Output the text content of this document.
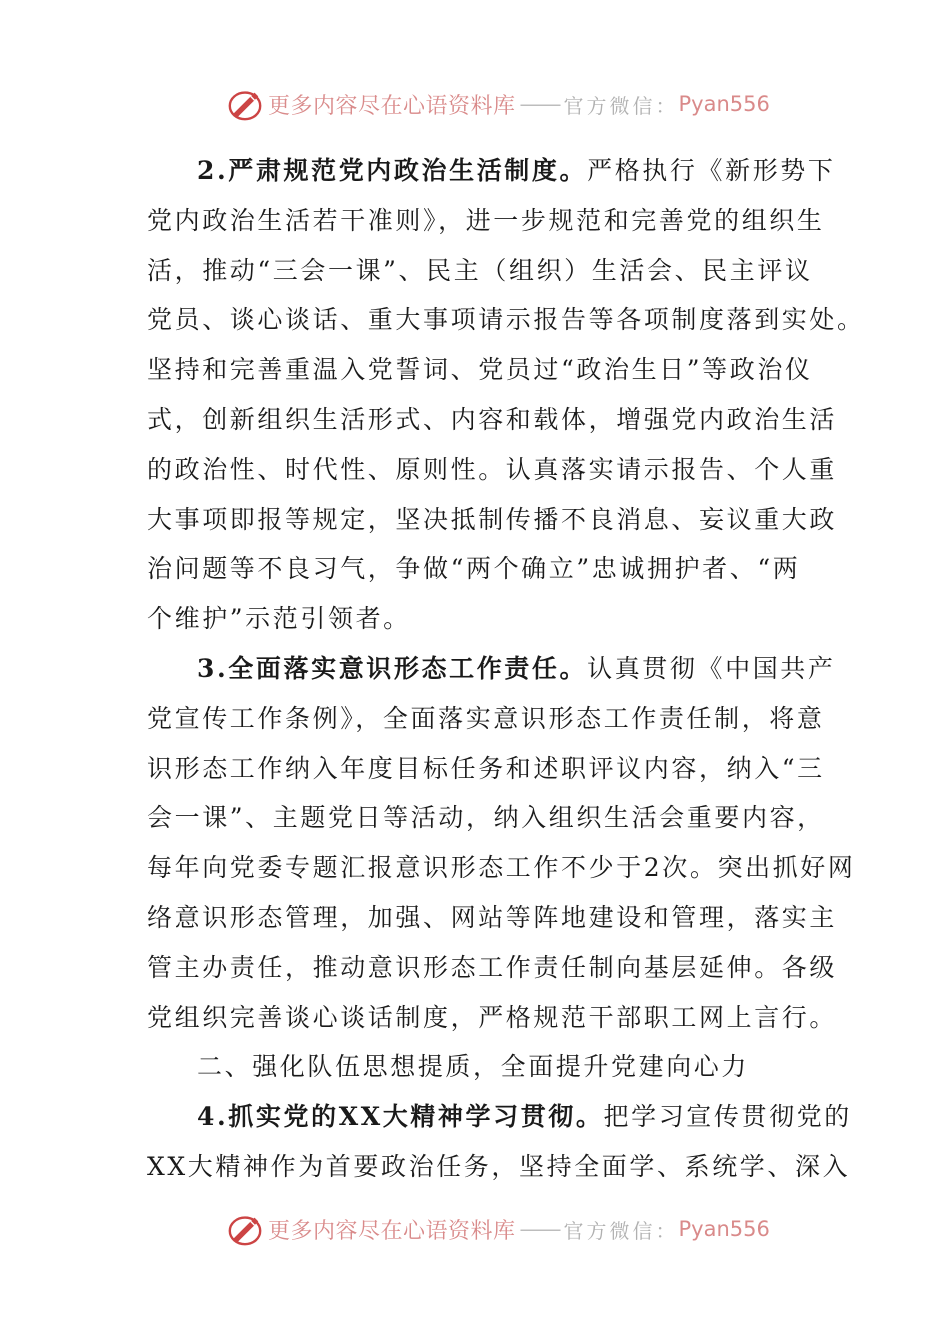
更多内容尽在心语资料库 —— 官方微信： Pyan556
2.严肃规范党内政治生活制度。严格执行《新形势下
党内政治生活若干准则》，进一步规范和完善党的组织生
活，推动“三会一课”、民主（组织）生活会、民主评议
党员、谈心谈话、重大事项请示报告等各项制度落到实处。
坚持和完善重温入党誓词、党员过“政治生日”等政治仪
式，创新组织生活形式、内容和载体，增强党内政治生活
的政治性、时代性、原则性。认真落实请示报告、个人重
大事项即报等规定，坚决抵制传播不良消息、妄议重大政
治问题等不良习气，争做“两个确立”忠诚拥护者、“两
个维护”示范引领者。
3.全面落实意识形态工作责任。认真贯彻《中国共产
党宣传工作条例》，全面落实意识形态工作责任制，将意
识形态工作纳入年度目标任务和述职评议内容，纳入“三
会一课”、主题党日等活动，纳入组织生活会重要内容，
每年向党委专题汇报意识形态工作不少于2次。突出抓好网
络意识形态管理，加强、网站等阵地建设和管理，落实主
管主办责任，推动意识形态工作责任制向基层延伸。各级
党组织完善谈心谈话制度，严格规范干部职工网上言行。
二、强化队伍思想提质，全面提升党建向心力
4.抓实党的XX大精神学习贯彻。把学习宣传贯彻党的
XX大精神作为首要政治任务，坚持全面学、系统学、深入
更多内容尽在心语资料库 —— 官方微信： Pyan556
